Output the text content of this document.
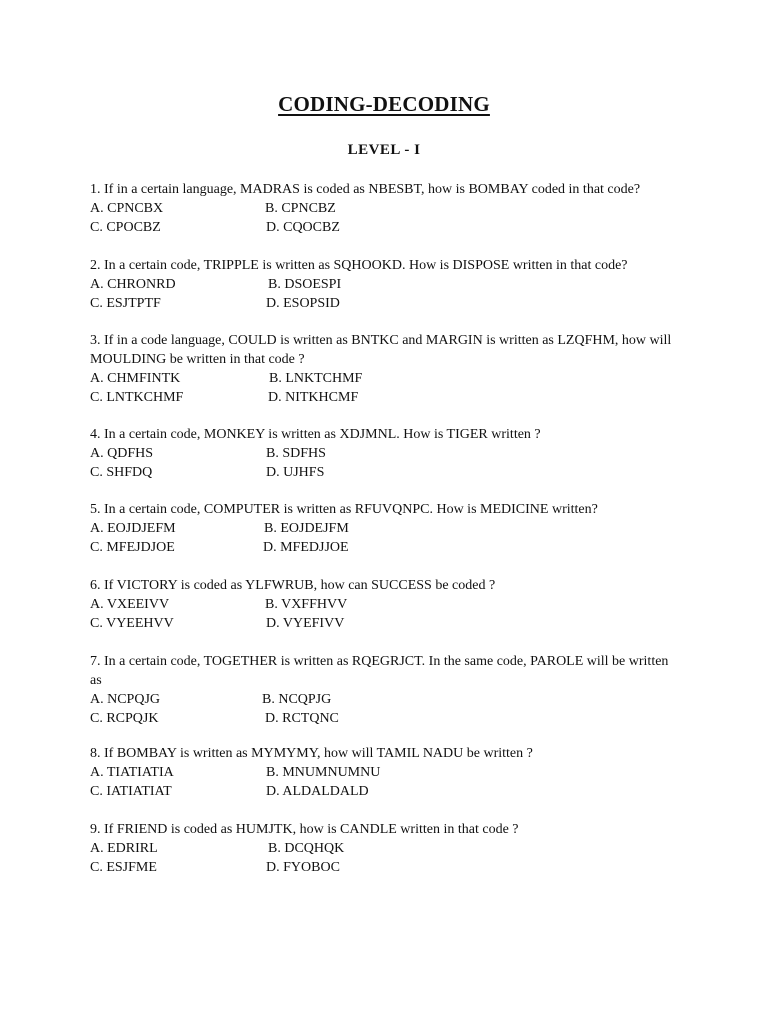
CODING-DECODING
LEVEL - I
1. If in a certain language, MADRAS is coded as NBESBT, how is BOMBAY coded in that code?
A. CPNCBX	B. CPNCBZ
C. CPOCBZ	D. CQOCBZ
2. In a certain code, TRIPPLE is written as SQHOOKD. How is DISPOSE written in that code?
A. CHRONRD	B. DSOESPI
C. ESJTPTF	D. ESOPSID
3. If in a code language, COULD is written as BNTKC and MARGIN is written as LZQFHM, how will MOULDING be written in that code ?
A. CHMFINTK	B. LNKTCHMF
C. LNTKCHMF	D. NITKHCMF
4. In a certain code, MONKEY is written as XDJMNL. How is TIGER written ?
A. QDFHS	B. SDFHS
C. SHFDQ	D. UJHFS
5. In a certain code, COMPUTER is written as RFUVQNPC. How is MEDICINE written?
A. EOJDJEFM	B. EOJDEJFM
C. MFEJDJOE	D. MFEDJJOE
6. If VICTORY is coded as YLFWRUB, how can SUCCESS be coded ?
A. VXEEIVV	B. VXFFHVV
C. VYEEHVV	D. VYEFIVV
7. In a certain code, TOGETHER is written as RQEGRJCT. In the same code, PAROLE will be written as
A. NCPQJG	B. NCQPJG
C. RCPQJK	D. RCTQNC
8. If BOMBAY is written as MYMYMY, how will TAMIL NADU be written ?
A. TIATIATIA	B. MNUMNUMNU
C. IATIATIAT	D. ALDALDALD
9. If FRIEND is coded as HUMJTK, how is CANDLE written in that code ?
A. EDRIRL	B. DCQHQK
C. ESJFME	D. FYOBOC
